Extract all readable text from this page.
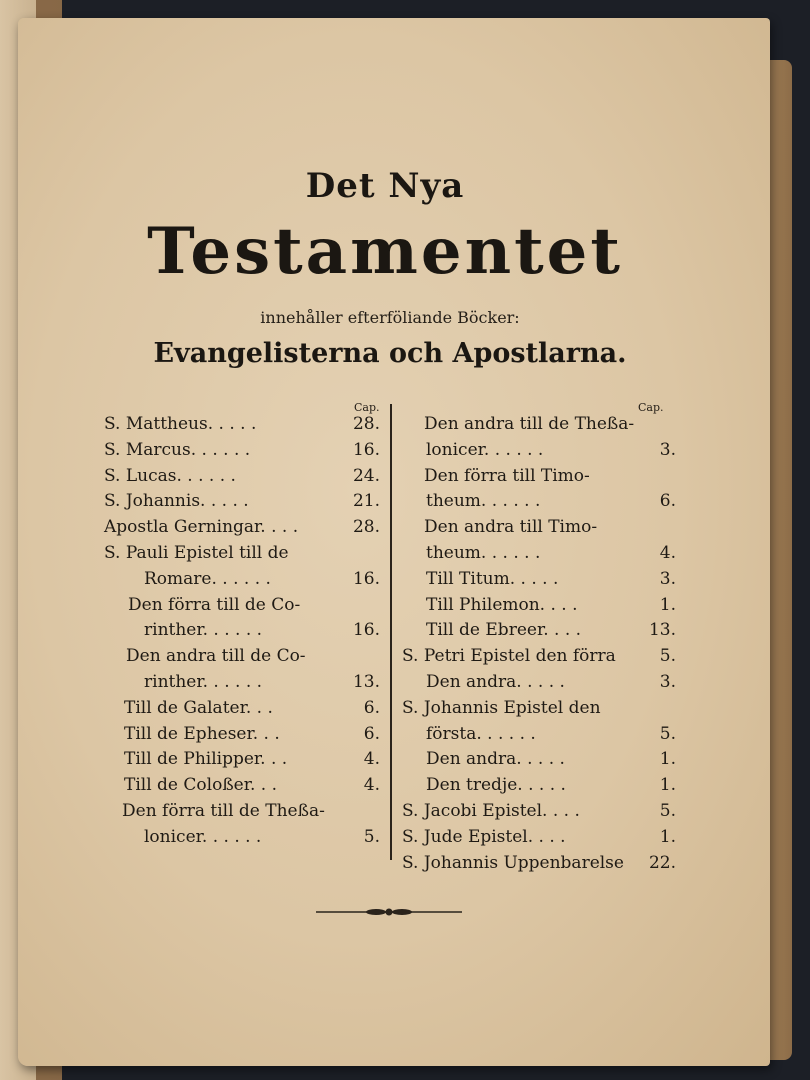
Det Nya
Testamentet
innehåller efterföliande Böcker:
Evangelisterna och Apostlarna.
Cap.	Cap.
S. Mattheus. . . . .	28.
S. Marcus. . . . . .	16.
S. Lucas. . . . . .	24.
S. Johannis. . . . .	21.
Apostla Gerningar. . . .	28.
S. Pauli Epistel till de
Romare. . . . . .	16.
Den förra till de Co-
rinther. . . . . .	16.
Den andra till de Co-
rinther. . . . . .	13.
Till de Galater. . .	6.
Till de Epheser. . .	6.
Till de Philipper. . .	4.
Till de Coloßer. . .	4.
Den förra till de Theßa-
lonicer. . . . . .	5.
Den andra till de Theßa-
lonicer. . . . . .	3.
Den förra till Timo-
theum. . . . . .	6.
Den andra till Timo-
theum. . . . . .	4.
Till Titum. . . . .	3.
Till Philemon. . . .	1.
Till de Ebreer. . . .	13.
S. Petri Epistel den förra	5.
Den andra. . . . .	3.
S. Johannis Epistel den
första. . . . . .	5.
Den andra. . . . .	1.
Den tredje. . . . .	1.
S. Jacobi Epistel. . . .	5.
S. Jude Epistel. . . .	1.
S. Johannis Uppenbarelse 22.
